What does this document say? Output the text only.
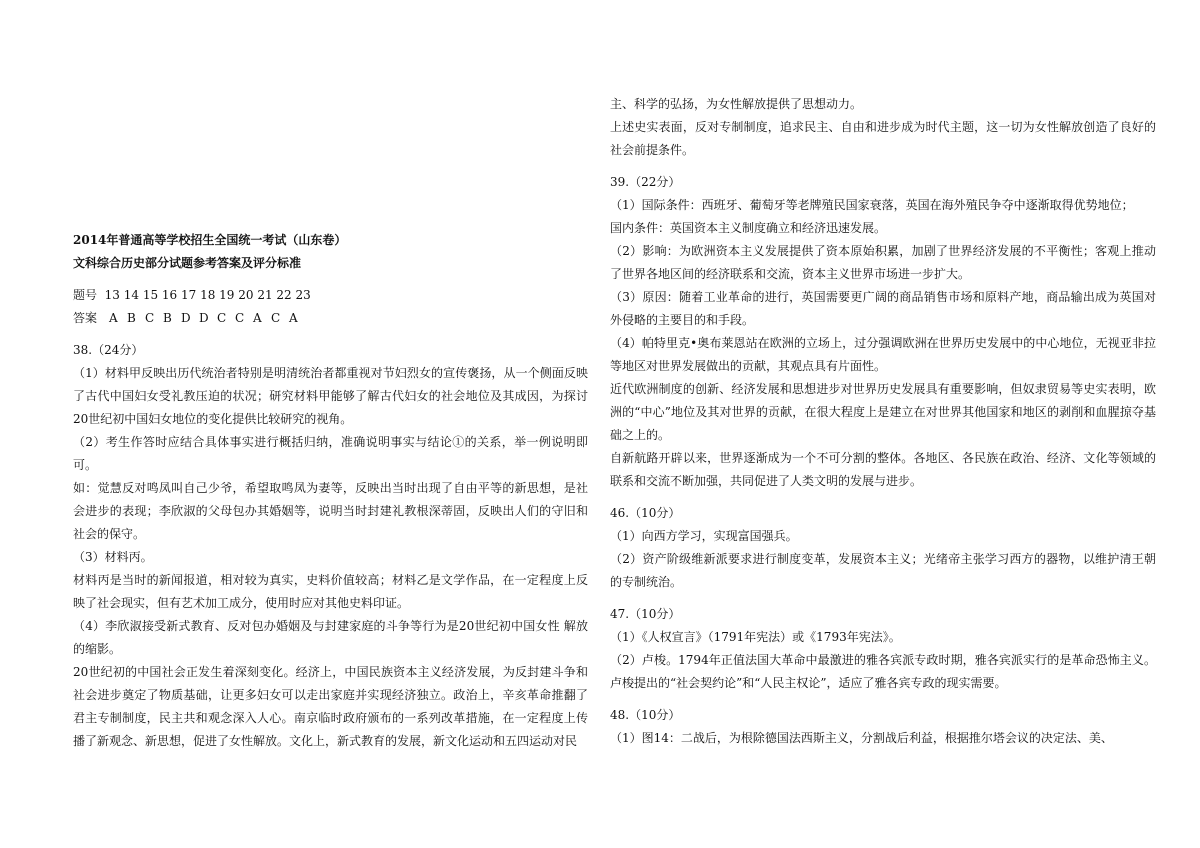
2014年普通高等学校招生全国统一考试（山东卷）

文科综合历史部分试题参考答案及评分标准

题号 13 14 15 16 17 18 19 20 21 22 23

答案 A B C B D D C C A C A

38.（24分）

（1）材料甲反映出历代统治者特别是明清统治者都重视对节妇烈女的宣传褒扬，从一个侧面反映了古代中国妇女受礼教压迫的状况；研究材料甲能够了解古代妇女的社会地位及其成因，为探讨20世纪初中国妇女地位的变化提供比较研究的视角。

（2）考生作答时应结合具体事实进行概括归纳，准确说明事实与结论①的关系，举一例说明即可。

如：觉慧反对鸣凤叫自己少爷，希望取鸣凤为妻等，反映出当时出现了自由平等的新思想，是社会进步的表现；李欣淑的父母包办其婚姻等，说明当时封建礼教根深蒂固，反映出人们的守旧和社会的保守。

（3）材料丙。

材料丙是当时的新闻报道，相对较为真实，史料价值较高；材料乙是文学作品，在一定程度上反映了社会现实，但有艺术加工成分，使用时应对其他史料印证。

（4）李欣淑接受新式教育、反对包办婚姻及与封建家庭的斗争等行为是20世纪初中国女性 解放的缩影。

20世纪初的中国社会正发生着深刻变化。经济上，中国民族资本主义经济发展，为反封建斗争和社会进步奠定了物质基础，让更多妇女可以走出家庭并实现经济独立。政治上，辛亥革命推翻了君主专制制度，民主共和观念深入人心。南京临时政府颁布的一系列改革措施，在一定程度上传播了新观念、新思想，促进了女性解放。文化上，新式教育的发展，新文化运动和五四运动对民

主、科学的弘扬，为女性解放提供了思想动力。

上述史实表面，反对专制制度，追求民主、自由和进步成为时代主题，这一切为女性解放创造了良好的社会前提条件。

39.（22分）

（1）国际条件：西班牙、葡萄牙等老牌殖民国家衰落，英国在海外殖民争夺中逐渐取得优势地位；

国内条件：英国资本主义制度确立和经济迅速发展。

（2）影响：为欧洲资本主义发展提供了资本原始积累，加剧了世界经济发展的不平衡性；客观上推动了世界各地区间的经济联系和交流，资本主义世界市场进一步扩大。

（3）原因：随着工业革命的进行，英国需要更广阔的商品销售市场和原料产地，商品输出成为英国对外侵略的主要目的和手段。

（4）帕特里克•奥布莱恩站在欧洲的立场上，过分强调欧洲在世界历史发展中的中心地位，无视亚非拉等地区对世界发展做出的贡献，其观点具有片面性。

近代欧洲制度的创新、经济发展和思想进步对世界历史发展具有重要影响，但奴隶贸易等史实表明，欧洲的“中心”地位及其对世界的贡献，在很大程度上是建立在对世界其他国家和地区的剥削和血腥掠夺基础之上的。

自新航路开辟以来，世界逐渐成为一个不可分割的整体。各地区、各民族在政治、经济、文化等领域的联系和交流不断加强，共同促进了人类文明的发展与进步。

46.（10分）

（1）向西方学习，实现富国强兵。

（2）资产阶级维新派要求进行制度变革，发展资本主义；光绪帝主张学习西方的器物，以维护清王朝的专制统治。

47.（10分）

（1）《人权宣言》（1791年宪法）或《1793年宪法》。

（2）卢梭。1794年正值法国大革命中最激进的雅各宾派专政时期，雅各宾派实行的是革命恐怖主义。卢梭提出的“社会契约论”和“人民主权论”，适应了雅各宾专政的现实需要。

48.（10分）

（1）图14：二战后，为根除德国法西斯主义，分割战后利益，根据推尔塔会议的决定法、美、
